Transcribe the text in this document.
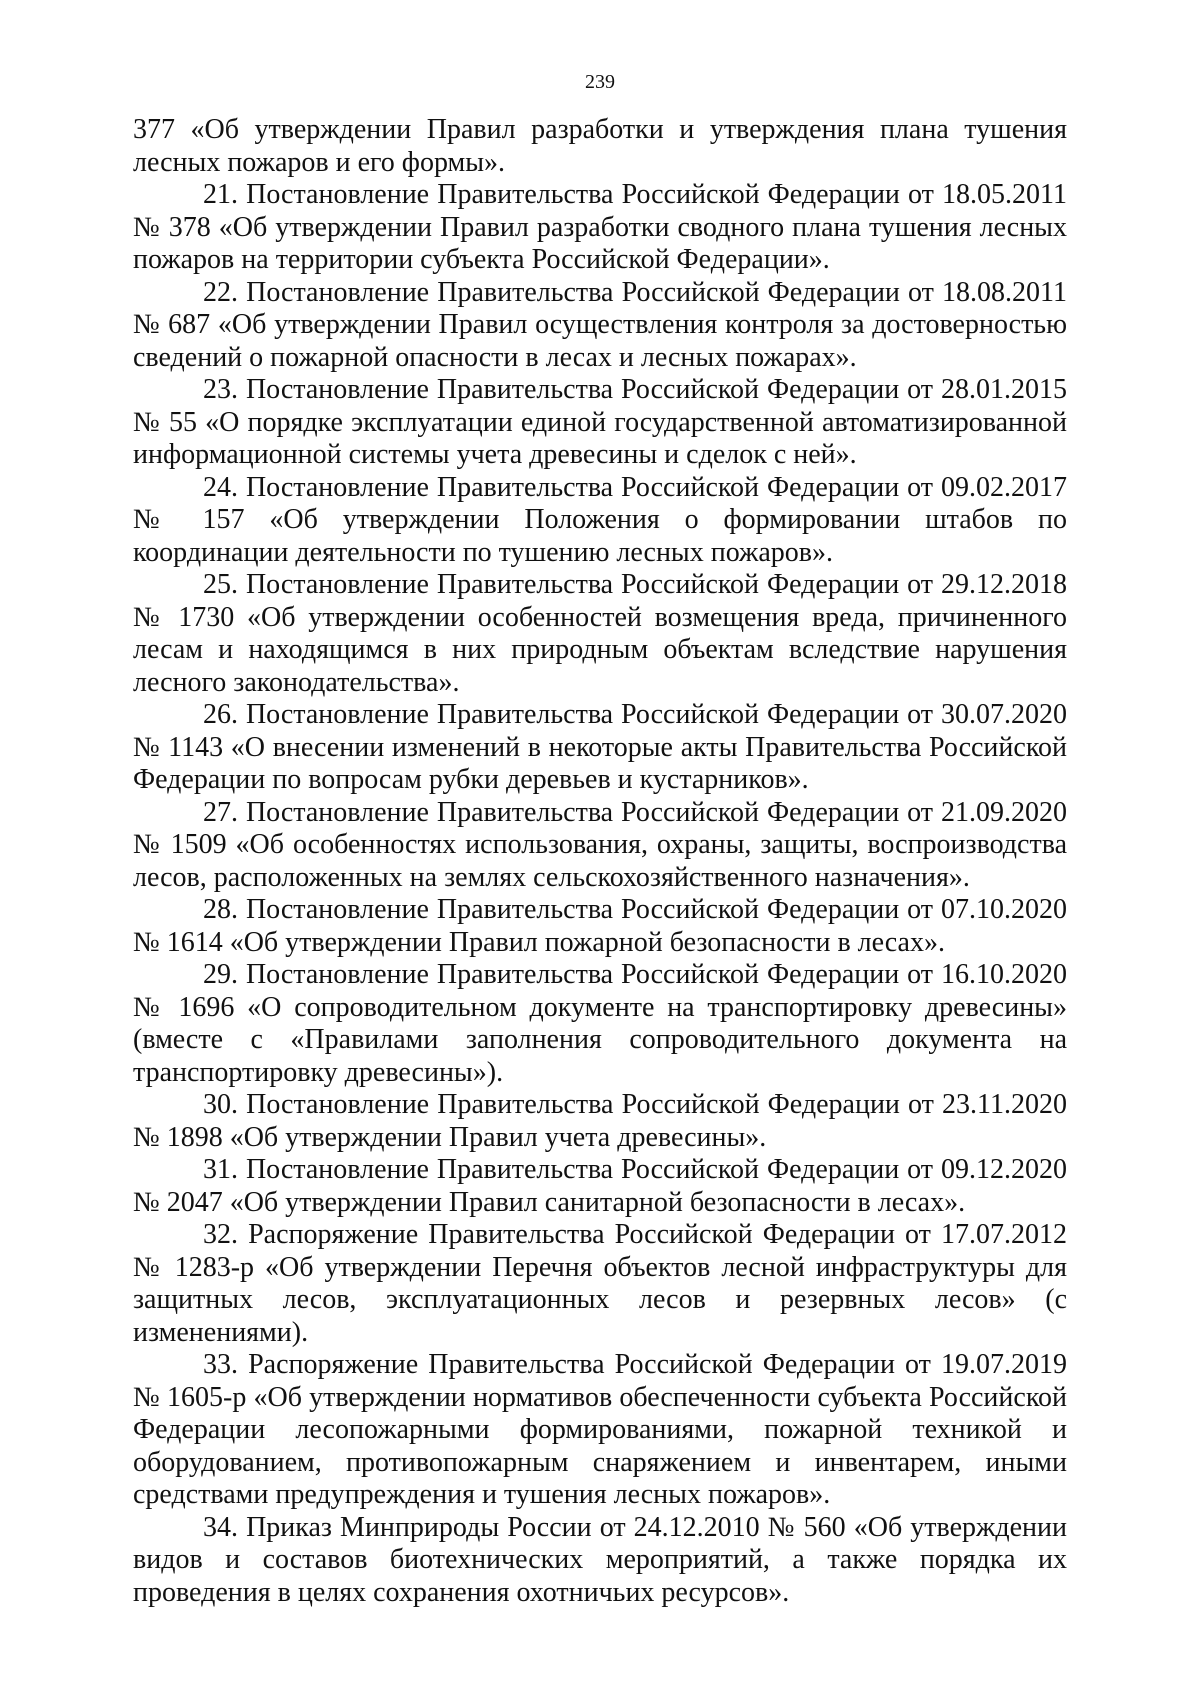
239

377 «Об утверждении Правил разработки и утверждения плана тушения лесных пожаров и его формы».

21. Постановление Правительства Российской Федерации от 18.05.2011 № 378 «Об утверждении Правил разработки сводного плана тушения лесных пожаров на территории субъекта Российской Федерации».

22. Постановление Правительства Российской Федерации от 18.08.2011 № 687 «Об утверждении Правил осуществления контроля за достоверностью сведений о пожарной опасности в лесах и лесных пожарах».

23. Постановление Правительства Российской Федерации от 28.01.2015 № 55 «О порядке эксплуатации единой государственной автоматизированной информационной системы учета древесины и сделок с ней».

24. Постановление Правительства Российской Федерации от 09.02.2017 № 157 «Об утверждении Положения о формировании штабов по координации деятельности по тушению лесных пожаров».

25. Постановление Правительства Российской Федерации от 29.12.2018 № 1730 «Об утверждении особенностей возмещения вреда, причиненного лесам и находящимся в них природным объектам вследствие нарушения лесного законодательства».

26. Постановление Правительства Российской Федерации от 30.07.2020 № 1143 «О внесении изменений в некоторые акты Правительства Российской Федерации по вопросам рубки деревьев и кустарников».

27. Постановление Правительства Российской Федерации от 21.09.2020 № 1509 «Об особенностях использования, охраны, защиты, воспроизводства лесов, расположенных на землях сельскохозяйственного назначения».

28. Постановление Правительства Российской Федерации от 07.10.2020 № 1614 «Об утверждении Правил пожарной безопасности в лесах».

29. Постановление Правительства Российской Федерации от 16.10.2020 № 1696 «О сопроводительном документе на транспортировку древесины» (вместе с «Правилами заполнения сопроводительного документа на транспортировку древесины»).

30. Постановление Правительства Российской Федерации от 23.11.2020 № 1898 «Об утверждении Правил учета древесины».

31. Постановление Правительства Российской Федерации от 09.12.2020 № 2047 «Об утверждении Правил санитарной безопасности в лесах».

32. Распоряжение Правительства Российской Федерации от 17.07.2012 № 1283-р «Об утверждении Перечня объектов лесной инфраструктуры для защитных лесов, эксплуатационных лесов и резервных лесов» (с изменениями).

33. Распоряжение Правительства Российской Федерации от 19.07.2019 № 1605-р «Об утверждении нормативов обеспеченности субъекта Российской Федерации лесопожарными формированиями, пожарной техникой и оборудованием, противопожарным снаряжением и инвентарем, иными средствами предупреждения и тушения лесных пожаров».

34. Приказ Минприроды России от 24.12.2010 № 560 «Об утверждении видов и составов биотехнических мероприятий, а также порядка их проведения в целях сохранения охотничьих ресурсов».
